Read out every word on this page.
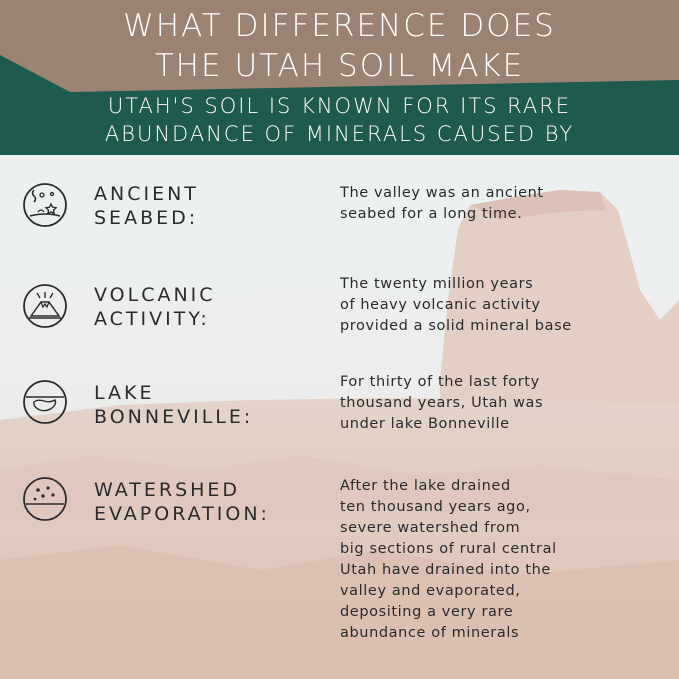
WHAT DIFFERENCE DOES
THE UTAH SOIL MAKE
UTAH'S SOIL IS KNOWN FOR ITS RARE
ABUNDANCE OF MINERALS CAUSED BY
ANCIENT
SEABED:
The valley was an ancient
seabed for a long time.
VOLCANIC
ACTIVITY:
The twenty million years
of heavy volcanic activity
provided a solid mineral base
LAKE
BONNEVILLE:
For thirty of the last forty
thousand years, Utah was
under lake Bonneville
WATERSHED
EVAPORATION:
After the lake drained
ten thousand years ago,
severe watershed from
big sections of rural central
Utah have drained into the
valley and evaporated,
depositing a very rare
abundance of minerals
